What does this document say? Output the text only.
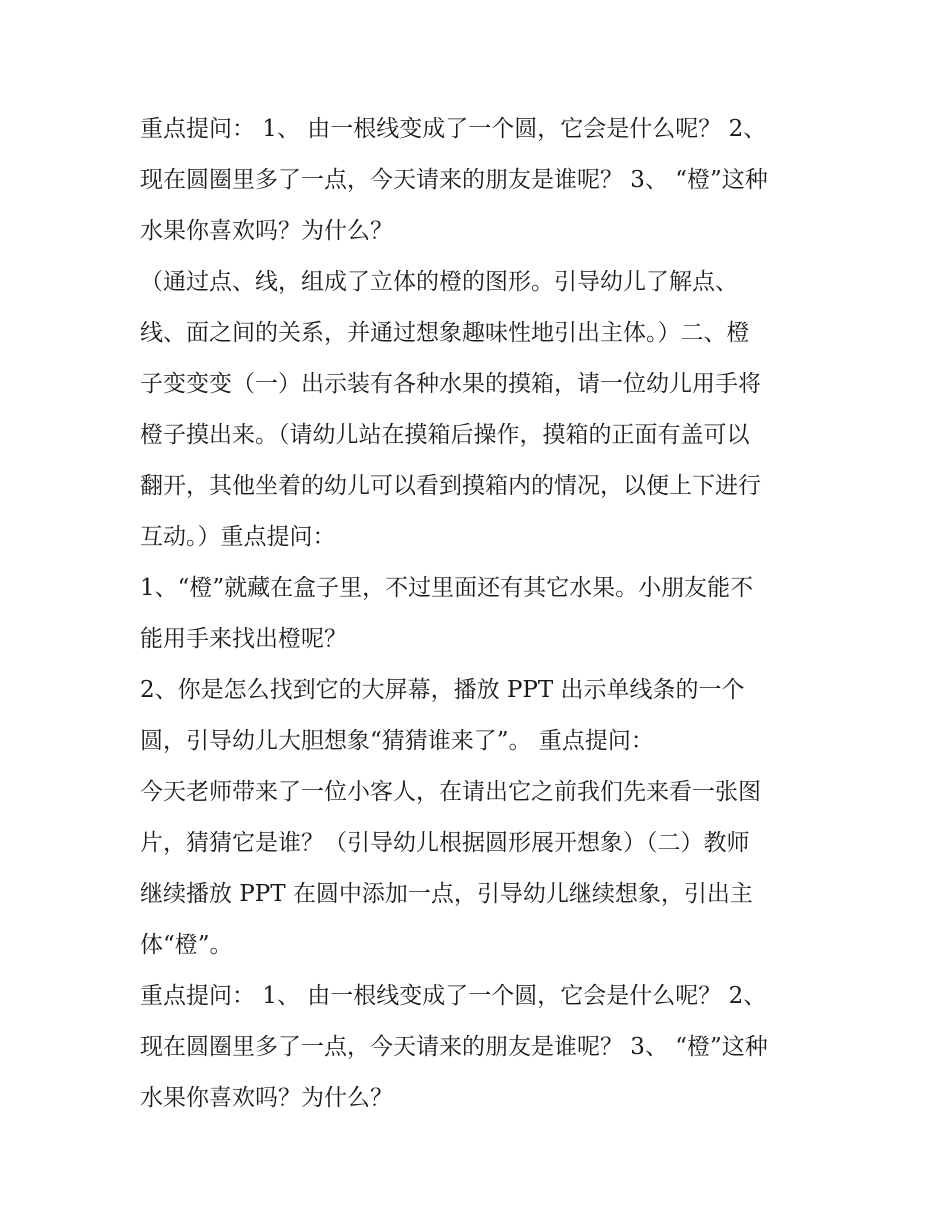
重点提问： 1、 由一根线变成了一个圆，它会是什么呢？ 2、
现在圆圈里多了一点，今天请来的朋友是谁呢？ 3、 “橙”这种
水果你喜欢吗？为什么？
（通过点、线，组成了立体的橙的图形。引导幼儿了解点、
线、面之间的关系，并通过想象趣味性地引出主体。）二、橙
子变变变（一）出示装有各种水果的摸箱，请一位幼儿用手将
橙子摸出来。（请幼儿站在摸箱后操作，摸箱的正面有盖可以
翻开，其他坐着的幼儿可以看到摸箱内的情况，以便上下进行
互动。）重点提问：
1、“橙”就藏在盒子里，不过里面还有其它水果。小朋友能不
能用手来找出橙呢？
2、你是怎么找到它的大屏幕，播放 PPT 出示单线条的一个
圆，引导幼儿大胆想象“猜猜谁来了”。 重点提问：
今天老师带来了一位小客人，在请出它之前我们先来看一张图
片，猜猜它是谁？（引导幼儿根据圆形展开想象）（二）教师
继续播放 PPT 在圆中添加一点，引导幼儿继续想象，引出主
体“橙”。
重点提问： 1、 由一根线变成了一个圆，它会是什么呢？ 2、
现在圆圈里多了一点，今天请来的朋友是谁呢？ 3、 “橙”这种
水果你喜欢吗？为什么？
